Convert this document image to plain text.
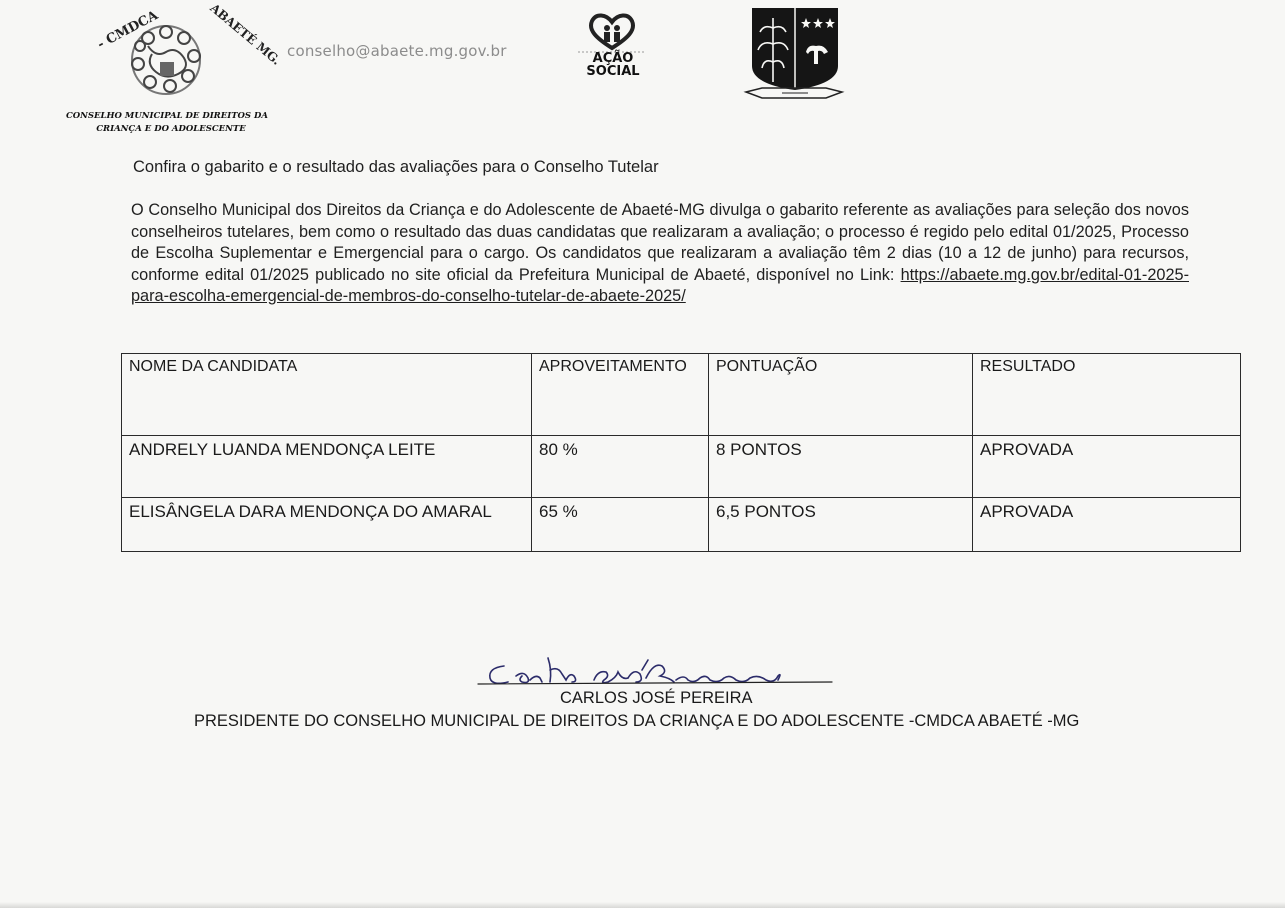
- CMDCA	ABAETÉ MG.
CONSELHO MUNICIPAL DE DIREITOS DA
CRIANÇA E DO ADOLESCENTE
conselho@abaete.mg.gov.br	AÇÃO
SOCIAL
Confira o gabarito e o resultado das avaliações para o Conselho Tutelar
O Conselho Municipal dos Direitos da Criança e do Adolescente de Abaeté-MG divulga o gabarito referente as avaliações para seleção dos novos conselheiros tutelares, bem como o resultado das duas candidatas que realizaram a avaliação; o processo é regido pelo edital 01/2025, Processo de Escolha Suplementar e Emergencial para o cargo. Os candidatos que realizaram a avaliação têm 2 dias (10 a 12 de junho) para recursos, conforme edital 01/2025 publicado no site oficial da Prefeitura Municipal de Abaeté, disponível no Link: https://abaete.mg.gov.br/edital-01-2025-para-escolha-emergencial-de-membros-do-conselho-tutelar-de-abaete-2025/
NOME DA CANDIDATA	APROVEITAMENTO	PONTUAÇÃO	RESULTADO
ANDRELY LUANDA MENDONÇA LEITE	80 %	8 PONTOS	APROVADA
ELISÂNGELA DARA MENDONÇA DO AMARAL	65 %	6,5 PONTOS	APROVADA
CARLOS JOSÉ PEREIRA
PRESIDENTE DO CONSELHO MUNICIPAL DE DIREITOS DA CRIANÇA E DO ADOLESCENTE -CMDCA ABAETÉ -MG
